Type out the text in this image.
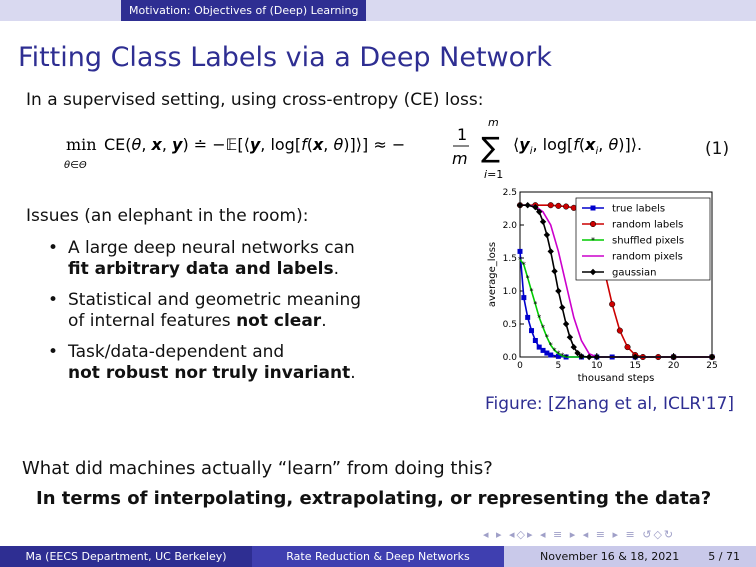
Motivation: Objectives of (Deep) Learning
Fitting Class Labels via a Deep Network
In a supervised setting, using cross-entropy (CE) loss:
min
θ∈Θ
CE(θ, x, y) ≐ −𝔼[⟨y, log[f(x, θ)]⟩] ≈ −
1
m
m
∑
i=1
$⟨y_i$, $\log[f(x_i$, θ)]⟩.	(1)
Issues (an elephant in the room):
• A large deep neural networks can
fit arbitrary data and labels.
• Statistical and geometric meaning
of internal features not clear.
• Task/data-dependent and
not robust nor truly invariant.	0	5	10	15	20	25
0.0
0.5
1.0
1.5
2.0
2.5
thousand steps
average_loss	*
*
*
*
*
*
*
*
*
* * * *
true labels
random labels
* shuffled pixels
random pixels
gaussian
Figure: [Zhang et al, ICLR'17]
What did machines actually “learn” from doing this?
In terms of interpolating, extrapolating, or representing the data?
◂ ▸ ◂◇▸ ◂ ≡ ▸ ◂ ≡ ▸ ≡ ↺◇↻
Ma (EECS Department, UC Berkeley)	Rate Reduction & Deep Networks	November 16 & 18, 2021	5 / 71
